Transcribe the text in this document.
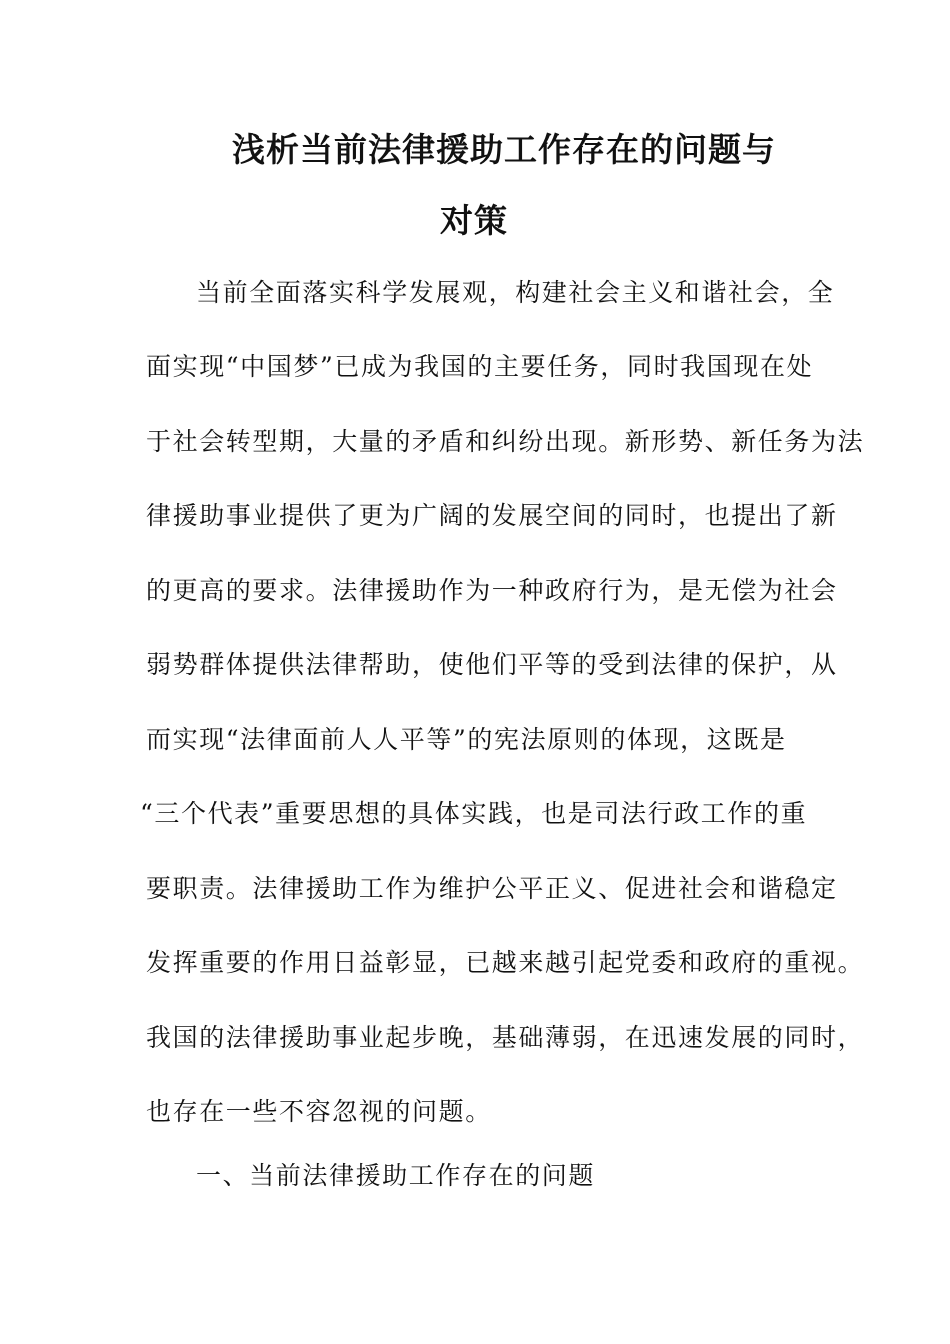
浅析当前法律援助工作存在的问题与
对策
当前全面落实科学发展观，构建社会主义和谐社会，全
面实现“中国梦”已成为我国的主要任务，同时我国现在处
于社会转型期，大量的矛盾和纠纷出现。新形势、新任务为法
律援助事业提供了更为广阔的发展空间的同时，也提出了新
的更高的要求。法律援助作为一种政府行为，是无偿为社会
弱势群体提供法律帮助，使他们平等的受到法律的保护，从
而实现“法律面前人人平等”的宪法原则的体现，这既是
“三个代表”重要思想的具体实践，也是司法行政工作的重
要职责。法律援助工作为维护公平正义、促进社会和谐稳定
发挥重要的作用日益彰显，已越来越引起党委和政府的重视。
我国的法律援助事业起步晚，基础薄弱，在迅速发展的同时，
也存在一些不容忽视的问题。
一、当前法律援助工作存在的问题
